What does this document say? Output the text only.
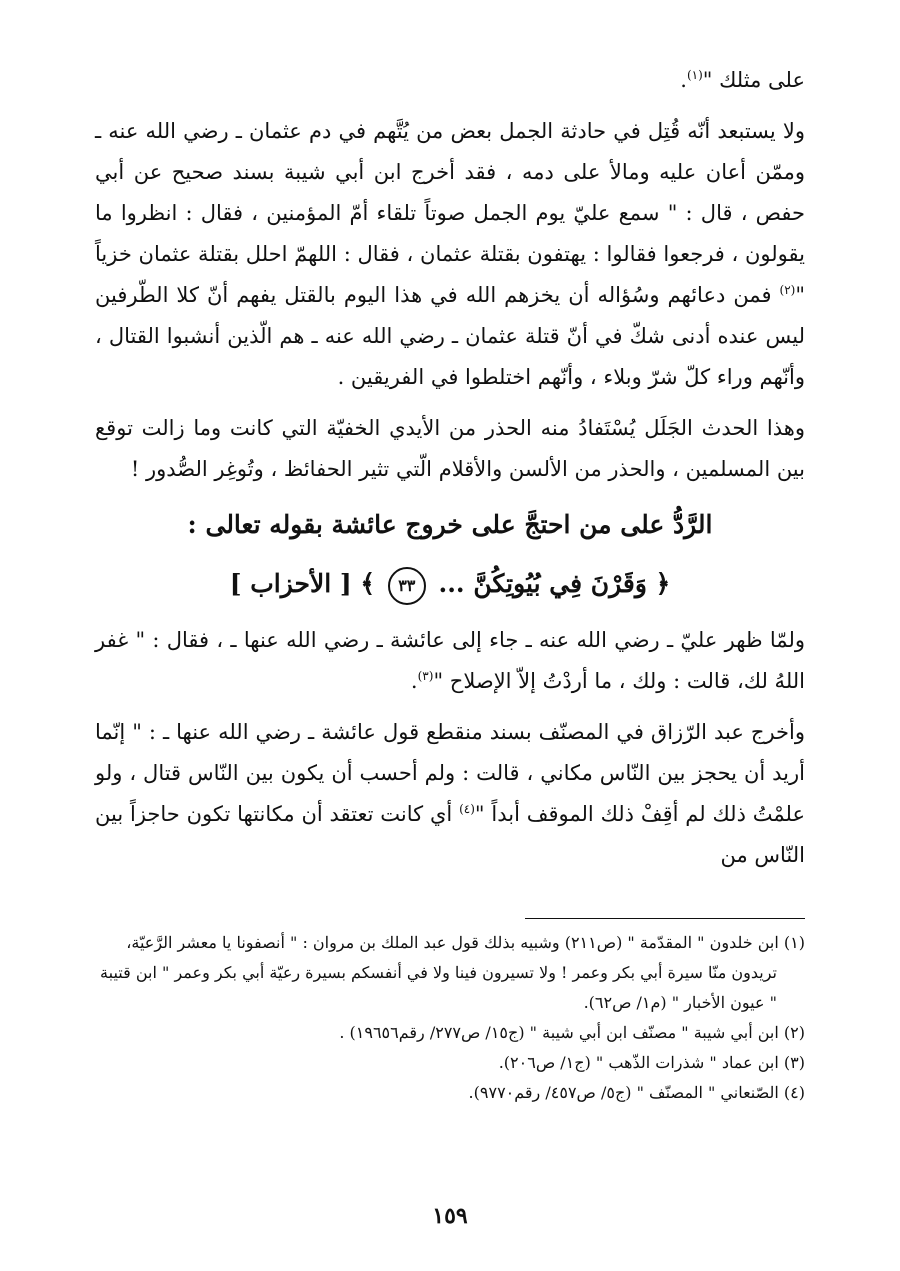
على مثلك "$^{(١)}$.

ولا يستبعد أنّه قُتِل في حادثة الجمل بعض من يُتَّهم في دم عثمان ـ رضي الله عنه ـ وممّن أعان عليه ومالأ على دمه ، فقد أخرج ابن أبي شيبة بسند صحيح عن أبي حفص ، قال : " سمع عليّ يوم الجمل صوتاً تلقاء أمّ المؤمنين ، فقال : انظروا ما يقولون ، فرجعوا فقالوا : يهتفون بقتلة عثمان ، فقال : اللهمّ احلل بقتلة عثمان خزياً "$^{(٢)}$ فمن دعائهم وسُؤاله أن يخزهم الله في هذا اليوم بالقتل يفهم أنّ كلا الطّرفين ليس عنده أدنى شكّ في أنّ قتلة عثمان ـ رضي الله عنه ـ هم الّذين أنشبوا القتال ، وأنّهم وراء كلّ شرّ وبلاء ، وأنّهم اختلطوا في الفريقين .

وهذا الحدث الجَلَل يُسْتَفادُ منه الحذر من الأيدي الخفيّة التي كانت وما زالت توقع بين المسلمين ، والحذر من الألسن والأقلام الّتي تثير الحفائظ ، وتُوغِر الصُّدور !

الرَّدُّ على من احتجَّ على خروج عائشة بقوله تعالى :
﴿ وَقَرْنَ فِي بُيُوتِكُنَّ ... ٣٣ ﴾ [ الأحزاب ]

ولمّا ظهر عليّ ـ رضي الله عنه ـ جاء إلى عائشة ـ رضي الله عنها ـ ، فقال : " غفر اللهُ لك، قالت : ولك ، ما أردْتُ إلاّ الإصلاح "$^{(٣)}$.

وأخرج عبد الرّزاق في المصنّف بسند منقطع قول عائشة ـ رضي الله عنها ـ : " إنّما أريد أن يحجز بين النّاس مكاني ، قالت : ولم أحسب أن يكون بين النّاس قتال ، ولو علمْتُ ذلك لم أقِفْ ذلك الموقف أبداً "$^{(٤)}$ أي كانت تعتقد أن مكانتها تكون حاجزاً بين النّاس من

(١) ابن خلدون " المقدّمة " (ص٢١١) وشبيه بذلك قول عبد الملك بن مروان : " أنصفونا يا معشر الرَّعيّة،

تريدون منّا سيرة أبي بكر وعمر ! ولا تسيرون فينا ولا في أنفسكم بسيرة رعيّة أبي بكر وعمر " ابن قتيبة

" عيون الأخبار " (م١/ ص٦٢).

(٢) ابن أبي شيبة " مصنّف ابن أبي شيبة " (ج١٥/ ص٢٧٧/ رقم١٩٦٥٦) .

(٣) ابن عماد " شذرات الذّهب " (ج١/ ص٢٠٦).

(٤) الصّنعاني " المصنّف " (ج٥/ ص٤٥٧/ رقم٩٧٧٠).

١٥٩
